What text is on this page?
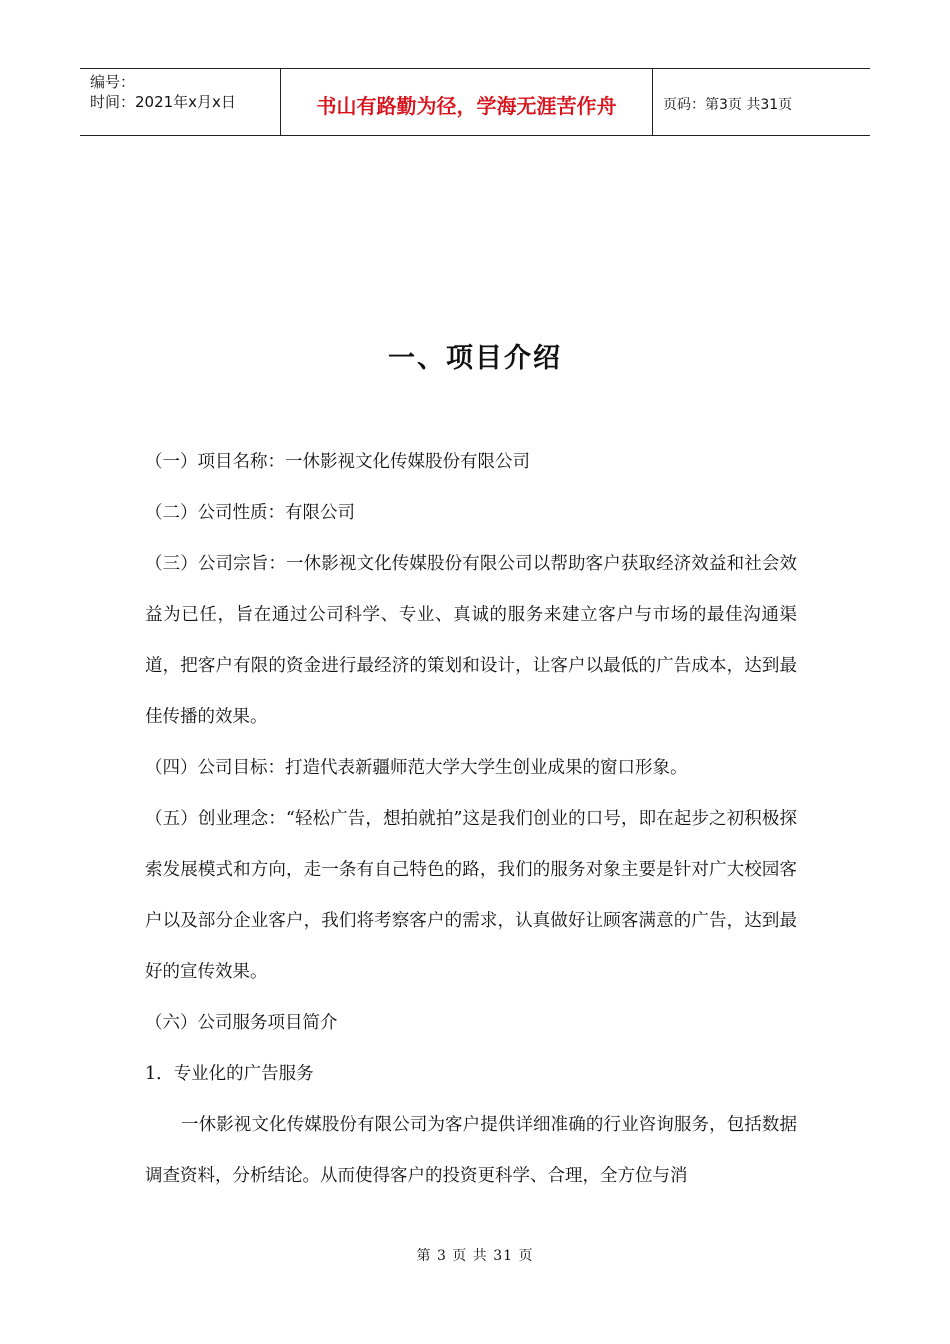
编号：
时间：2021年x月x日	书山有路勤为径，学海无涯苦作舟	页码：第3页 共31页
一、项目介绍

（一）项目名称：一休影视文化传媒股份有限公司

（二）公司性质：有限公司

（三）公司宗旨：一休影视文化传媒股份有限公司以帮助客户获取经济效益和社会效益为已任，旨在通过公司科学、专业、真诚的服务来建立客户与市场的最佳沟通渠道，把客户有限的资金进行最经济的策划和设计，让客户以最低的广告成本，达到最佳传播的效果。

（四）公司目标：打造代表新疆师范大学大学生创业成果的窗口形象。

（五）创业理念：“轻松广告，想拍就拍”这是我们创业的口号，即在起步之初积极探索发展模式和方向，走一条有自己特色的路，我们的服务对象主要是针对广大校园客户以及部分企业客户，我们将考察客户的需求，认真做好让顾客满意的广告，达到最好的宣传效果。

（六）公司服务项目简介

1．专业化的广告服务

一休影视文化传媒股份有限公司为客户提供详细准确的行业咨询服务，包括数据调查资料，分析结论。从而使得客户的投资更科学、合理，全方位与消

第 3 页 共 31 页
